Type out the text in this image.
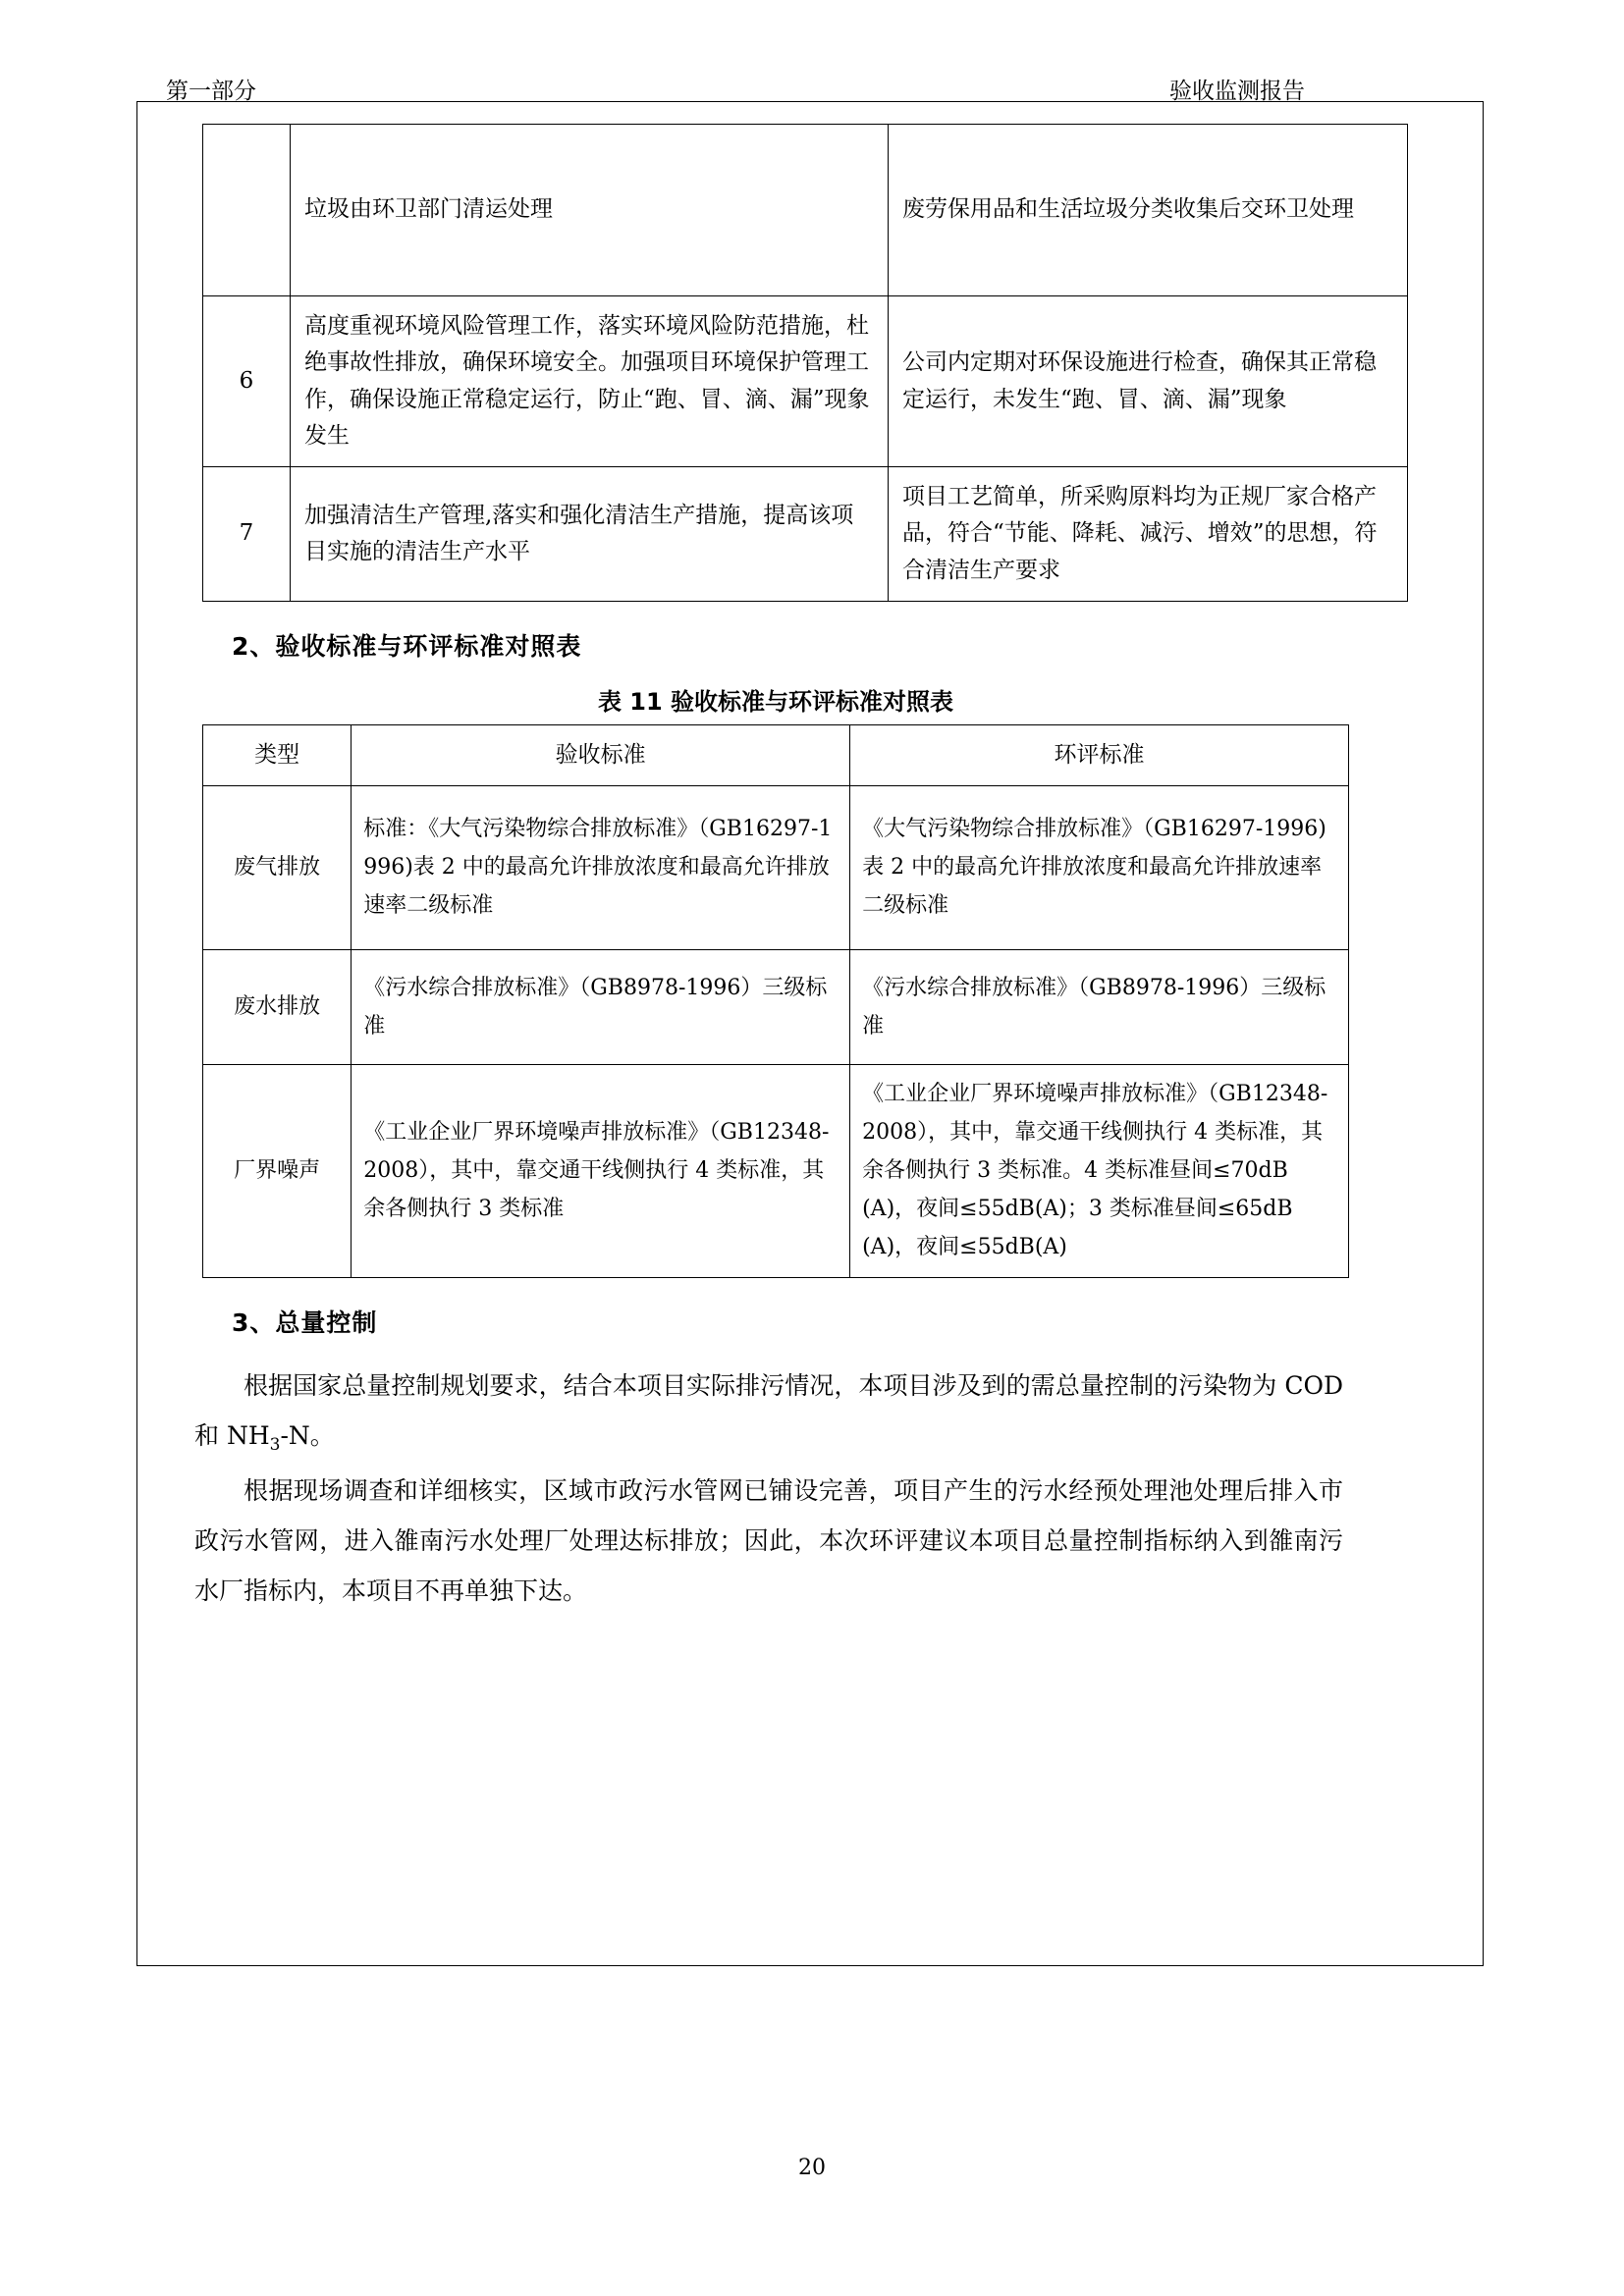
第一部分	验收监测报告
	垃圾由环卫部门清运处理	废劳保用品和生活垃圾分类收集后交环卫处理
6	高度重视环境风险管理工作，落实环境风险防范措施，杜绝事故性排放，确保环境安全。加强项目环境保护管理工作，确保设施正常稳定运行，防止“跑、冒、滴、漏”现象发生	公司内定期对环保设施进行检查，确保其正常稳定运行，未发生“跑、冒、滴、漏”现象
7	加强清洁生产管理,落实和强化清洁生产措施，提高该项目实施的清洁生产水平	项目工艺简单，所采购原料均为正规厂家合格产品，符合“节能、降耗、减污、增效”的思想，符合清洁生产要求
2、验收标准与环评标准对照表
表 11 验收标准与环评标准对照表
类型	验收标准	环评标准
废气排放	标准：《大气污染物综合排放标准》（GB16297-1996)表 2 中的最高允许排放浓度和最高允许排放速率二级标准	《大气污染物综合排放标准》（GB16297-1996)表 2 中的最高允许排放浓度和最高允许排放速率二级标准
废水排放	《污水综合排放标准》（GB8978-1996）三级标准	《污水综合排放标准》（GB8978-1996）三级标准
厂界噪声	《工业企业厂界环境噪声排放标准》（GB12348-2008），其中，靠交通干线侧执行 4 类标准，其余各侧执行 3 类标准	《工业企业厂界环境噪声排放标准》（GB12348-2008），其中，靠交通干线侧执行 4 类标准，其余各侧执行 3 类标准。4 类标准昼间≤70dB(A)，夜间≤55dB(A)；3 类标准昼间≤65dB(A)，夜间≤55dB(A)
3、总量控制

根据国家总量控制规划要求，结合本项目实际排污情况，本项目涉及到的需总量控制的污染物为 COD 和 $NH_3-N$。

根据现场调查和详细核实，区域市政污水管网已铺设完善，项目产生的污水经预处理池处理后排入市政污水管网，进入雒南污水处理厂处理达标排放；因此，本次环评建议本项目总量控制指标纳入到雒南污水厂指标内，本项目不再单独下达。

20
